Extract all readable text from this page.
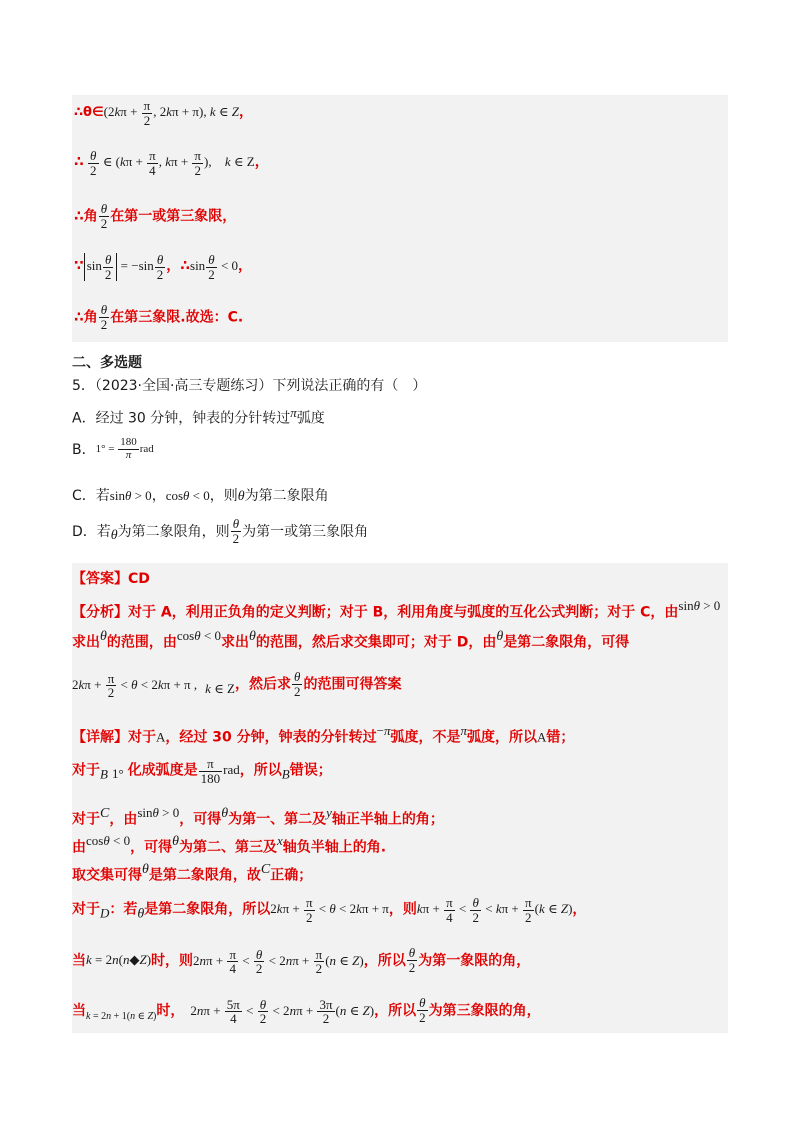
∴θ∈(2kπ + $\frac{\pi}{2}$ , 2kπ + π), k ∈ Z，
∴ $\frac{\theta}{2}$ ∈ ($k\pi + \frac{\pi}{4}$ , $k\pi + \frac{\pi}{2}$ ), k ∈ Z，
∴角 $\frac{\theta}{2}$ 在第一或第三象限，
∵ $\sin \frac{\theta}{2} = -\sin \frac{\theta}{2}$ ，∴sin $\frac{\theta}{2} < 0$，
∴角 $\frac{\theta}{2}$ 在第三象限.故选：C.
二、多选题
5．（2023·全国·高三专题练习）下列说法正确的有（　）
A．经过 30 分钟，钟表的分针转过π弧度
B．$1^\circ = \frac{180}{\pi}$ rad
C．若sinθ > 0，cosθ < 0，则θ为第二象限角
D．若θ为第二象限角，则 $\frac{\theta}{2}$ 为第一或第三象限角
【答案】CD
【分析】对于 A，利用正负角的定义判断；对于 B，利用角度与弧度的互化公式判断；对于 C，由$^{sin\theta > 0}$
求出θ的范围，由$^{cos\theta < 0}$求出θ的范围，然后求交集即可；对于 D，由θ是第二象限角，可得
$2k\pi + \frac{\pi}{2} < \theta < 2k\pi + \pi$ , $_{k \in Z}$，然后求 $\frac{\theta}{2}$ 的范围可得答案
【详解】对于A，经过 30 分钟，钟表的分针转过$^{-\pi}$弧度，不是$^\pi$弧度，所以A错；
对于$_B$ $_{1^\circ}$ 化成弧度是 $\frac{\pi}{180}$ rad，所以$_B$错误；
对于C，由$^{sin\theta > 0}$，可得θ为第一、第二及$^y$轴正半轴上的角；
由$^{cos\theta < 0}$，可得θ为第二、第三及$^x$轴负半轴上的角.
取交集可得θ是第二象限角，故C正确；
对于$_D$：若θ是第二象限角，所以$2k\pi + \frac{\pi}{2} < \theta < 2k\pi + \pi$，则$k\pi + \frac{\pi}{4} < \frac{\theta}{2} < k\pi + \frac{\pi}{2} (k$ ∈ Z)，
当k = 2n(n◆Z)时，则$2n\pi + \frac{\pi}{4} < \frac{\theta}{2} < 2n\pi + \frac{\pi}{2} (n$ ∈ Z)，所以 $\frac{\theta}{2}$ 为第一象限的角，
当$_{k = 2n + 1(n \in Z)}$时， $2n\pi + \frac{5\pi}{4} < \frac{\theta}{2} < 2n\pi + \frac{3\pi}{2} (n$ ∈ Z)，所以 $\frac{\theta}{2}$ 为第三象限的角，
